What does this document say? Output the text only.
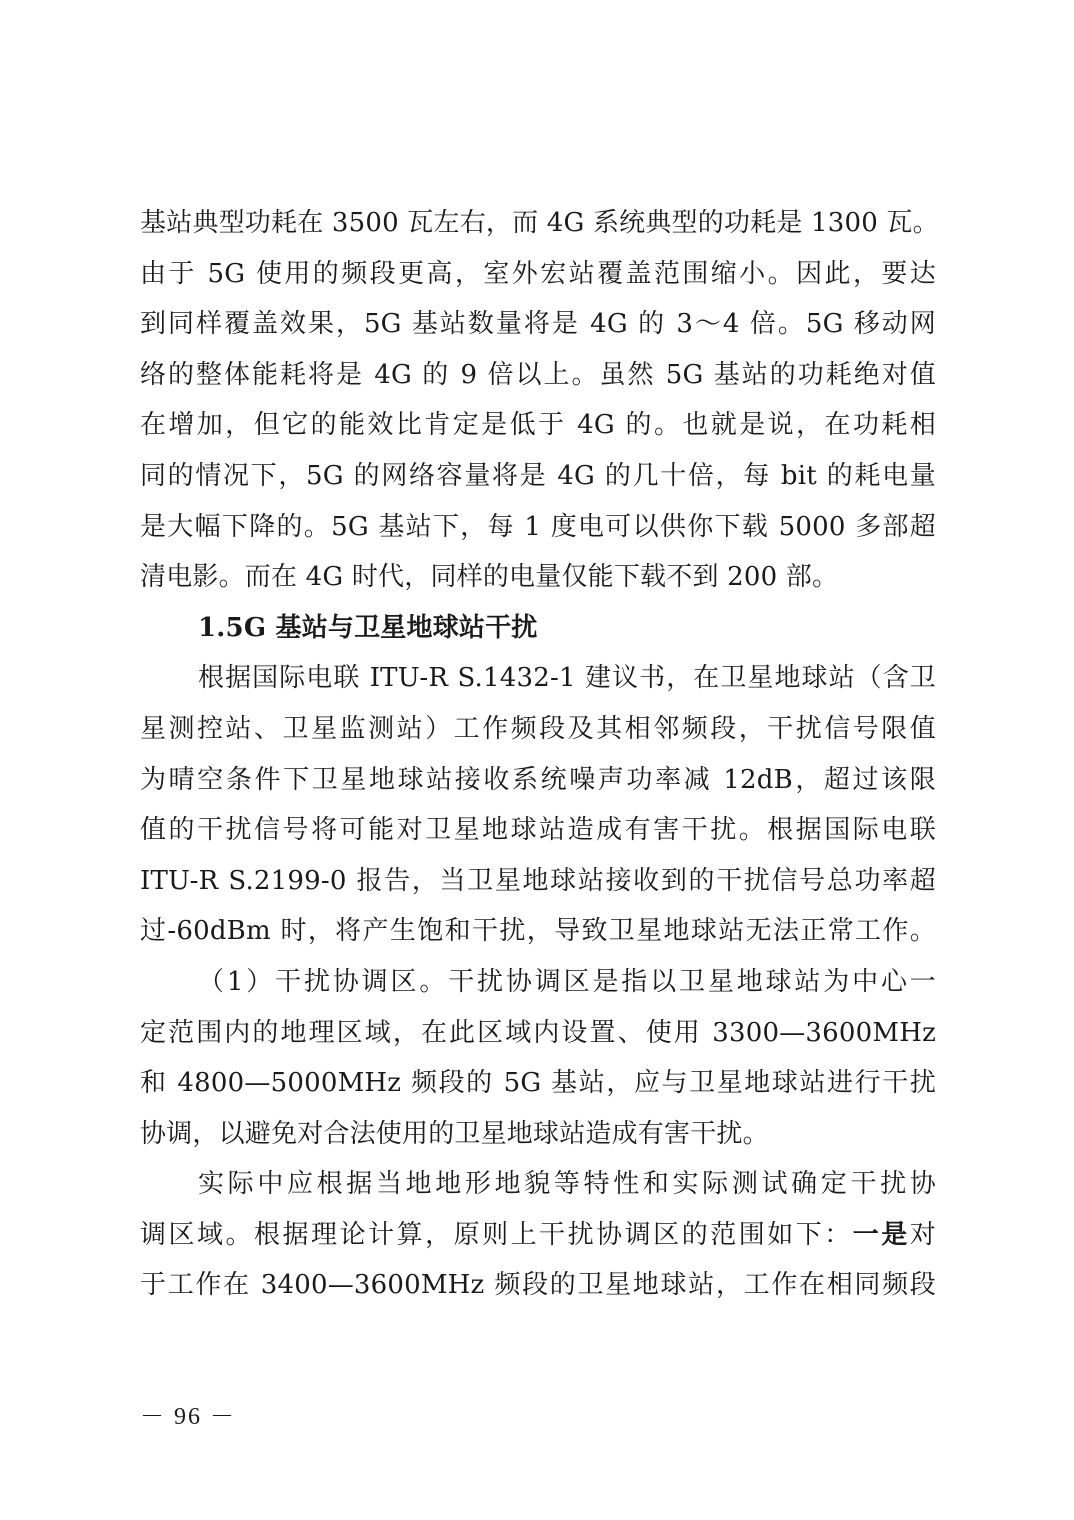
基站典型功耗在 3500 瓦左右，而 4G 系统典型的功耗是 1300 瓦。
由于 5G 使用的频段更高，室外宏站覆盖范围缩小。因此，要达
到同样覆盖效果，5G 基站数量将是 4G 的 3～4 倍。5G 移动网
络的整体能耗将是 4G 的 9 倍以上。虽然 5G 基站的功耗绝对值
在增加，但它的能效比肯定是低于 4G 的。也就是说，在功耗相
同的情况下，5G 的网络容量将是 4G 的几十倍，每 bit 的耗电量
是大幅下降的。5G 基站下，每 1 度电可以供你下载 5000 多部超
清电影。而在 4G 时代，同样的电量仅能下载不到 200 部。
1.5G 基站与卫星地球站干扰
根据国际电联 ITU-R S.1432-1 建议书，在卫星地球站（含卫
星测控站、卫星监测站）工作频段及其相邻频段，干扰信号限值
为晴空条件下卫星地球站接收系统噪声功率减 12dB，超过该限
值的干扰信号将可能对卫星地球站造成有害干扰。根据国际电联
ITU-R S.2199-0 报告，当卫星地球站接收到的干扰信号总功率超
过-60dBm 时，将产生饱和干扰，导致卫星地球站无法正常工作。
（1）干扰协调区。干扰协调区是指以卫星地球站为中心一
定范围内的地理区域，在此区域内设置、使用 3300—3600MHz
和 4800—5000MHz 频段的 5G 基站，应与卫星地球站进行干扰
协调，以避免对合法使用的卫星地球站造成有害干扰。
实际中应根据当地地形地貌等特性和实际测试确定干扰协
调区域。根据理论计算，原则上干扰协调区的范围如下：一是对
于工作在 3400—3600MHz 频段的卫星地球站，工作在相同频段
－ 96 －
